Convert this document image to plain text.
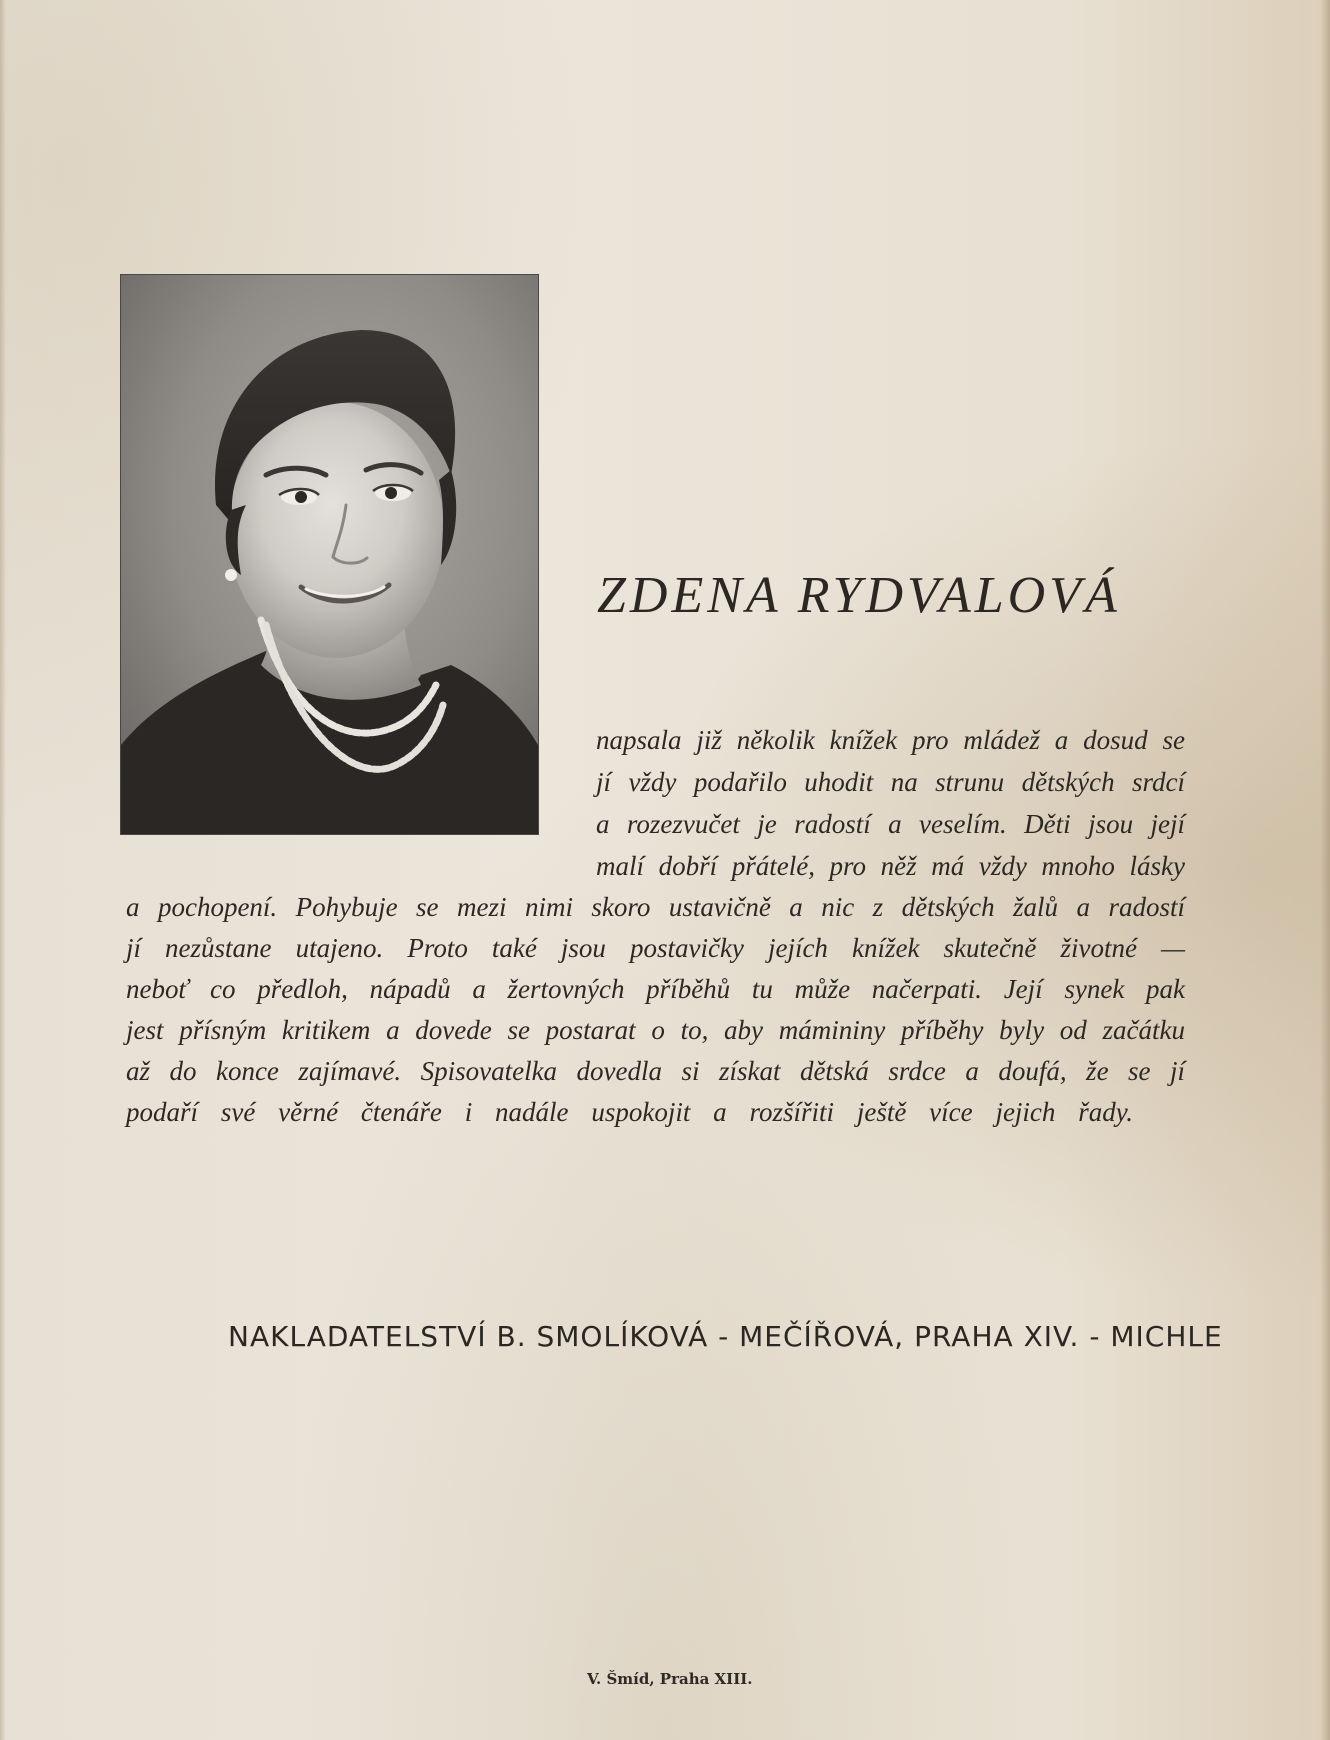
ZDENA RYDVALOVÁ

napsala již několik knížek pro mládež a dosud se

jí vždy podařilo uhodit na strunu dětských srdcí

a rozezvučet je radostí a veselím. Děti jsou její

malí dobří přátelé, pro něž má vždy mnoho lásky

a pochopení. Pohybuje se mezi nimi skoro ustavičně a nic z dětských žalů a radostí

jí nezůstane utajeno. Proto také jsou postavičky jejích knížek skutečně životné —

neboť co předloh, nápadů a žertovných příběhů tu může načerpati. Její synek pak

jest přísným kritikem a dovede se postarat o to, aby mámininy příběhy byly od začátku

až do konce zajímavé. Spisovatelka dovedla si získat dětská srdce a doufá, že se jí

podaří své věrné čtenáře i nadále uspokojit a rozšířiti ještě více jejich řady.

NAKLADATELSTVÍ B. SMOLÍKOVÁ - MEČÍŘOVÁ, PRAHA XIV. - MICHLE

V. Šmíd, Praha XIII.
